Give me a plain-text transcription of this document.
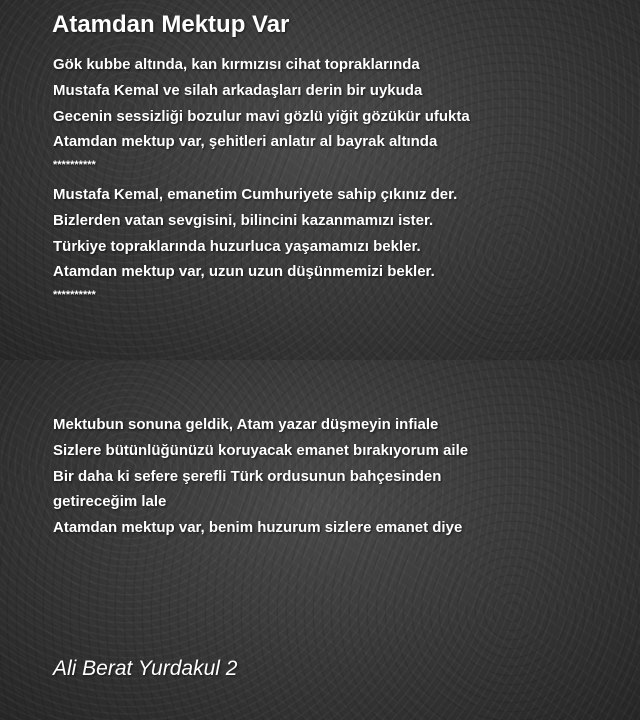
Atamdan Mektup Var
Gök kubbe altında, kan kırmızısı cihat topraklarında
Mustafa Kemal ve silah arkadaşları derin bir uykuda
Gecenin sessizliği bozulur mavi gözlü yiğit gözükür ufukta
Atamdan mektup var, şehitleri anlatır al bayrak altında
**********
Mustafa Kemal, emanetim Cumhuriyete sahip çıkınız der.
Bizlerden vatan sevgisini, bilincini kazanmamızı ister.
Türkiye topraklarında huzurluca yaşamamızı bekler.
Atamdan mektup var, uzun uzun düşünmemizi bekler.
**********
Mektubun sonuna geldik, Atam yazar düşmeyin infiale
Sizlere bütünlüğünüzü koruyacak emanet bırakıyorum aile
Bir daha ki sefere şerefli Türk ordusunun bahçesinden getireceğim lale
Atamdan mektup var, benim huzurum sizlere emanet diye

Ali Berat Yurdakul 2
